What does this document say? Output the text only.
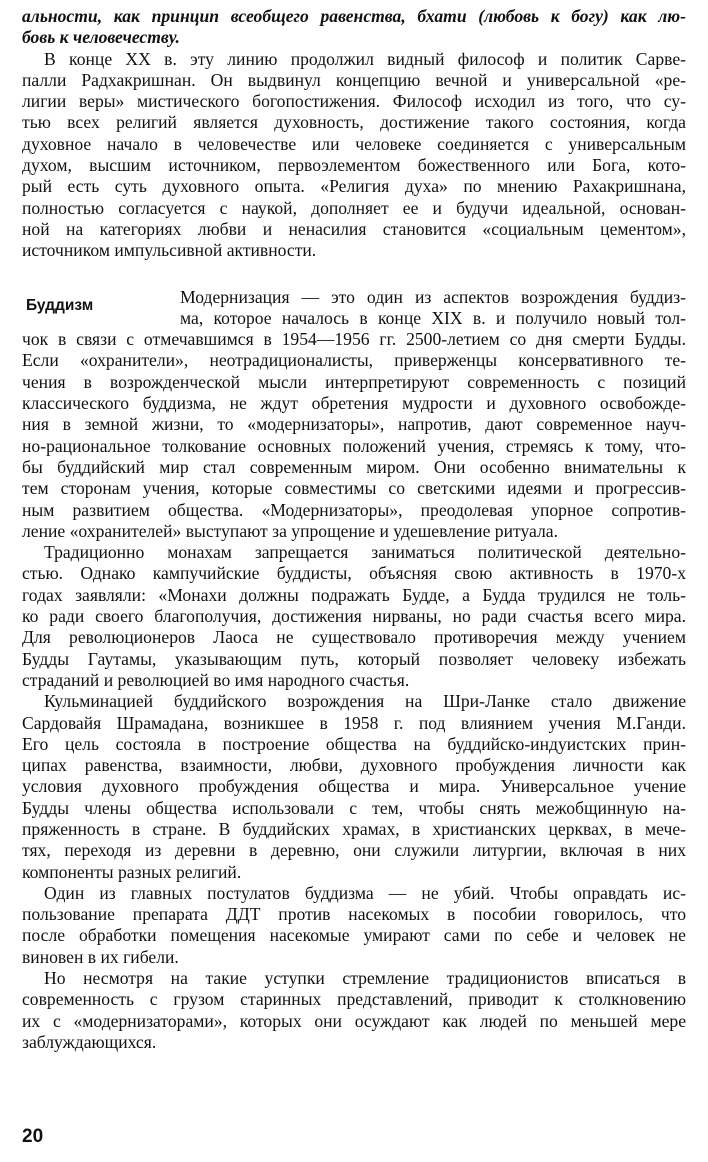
альности, как принцип всеобщего равенства, бхати (любовь к богу) как лю-
бовь к человечеству.
В конце XX в. эту линию продолжил видный философ и политик Сарве-
палли Радхакришнан. Он выдвинул концепцию вечной и универсальной «ре-
лигии веры» мистического богопостижения. Философ исходил из того, что су-
тью всех религий является духовность, достижение такого состояния, когда
духовное начало в человечестве или человеке соединяется с универсальным
духом, высшим источником, первоэлементом божественного или Бога, кото-
рый есть суть духовного опыта. «Религия духа» по мнению Рахакришнана,
полностью согласуется с наукой, дополняет ее и будучи идеальной, основан-
ной на категориях любви и ненасилия становится «социальным цементом»,
источником импульсивной активности.
Буддизм	Модернизация — это один из аспектов возрождения буддиз-
ма, которое началось в конце XIX в. и получило новый тол-
чок в связи с отмечавшимся в 1954—1956 гг. 2500-летием со дня смерти Будды.
Если «охранители», неотрадиционалисты, приверженцы консервативного те-
чения в возрожденческой мысли интерпретируют современность с позиций
классического буддизма, не ждут обретения мудрости и духовного освобожде-
ния в земной жизни, то «модернизаторы», напротив, дают современное науч-
но-рациональное толкование основных положений учения, стремясь к тому, что-
бы буддийский мир стал современным миром. Они особенно внимательны к
тем сторонам учения, которые совместимы со светскими идеями и прогрессив-
ным развитием общества. «Модернизаторы», преодолевая упорное сопротив-
ление «охранителей» выступают за упрощение и удешевление ритуала.
Традиционно монахам запрещается заниматься политической деятельно-
стью. Однако кампучийские буддисты, объясняя свою активность в 1970-х
годах заявляли: «Монахи должны подражать Будде, а Будда трудился не толь-
ко ради своего благополучия, достижения нирваны, но ради счастья всего мира.
Для революционеров Лаоса не существовало противоречия между учением
Будды Гаутамы, указывающим путь, который позволяет человеку избежать
страданий и революцией во имя народного счастья.
Кульминацией буддийского возрождения на Шри-Ланке стало движение
Сардовайя Шрамадана, возникшее в 1958 г. под влиянием учения М.Ганди.
Его цель состояла в построение общества на буддийско-индуистских прин-
ципах равенства, взаимности, любви, духовного пробуждения личности как
условия духовного пробуждения общества и мира. Универсальное учение
Будды члены общества использовали с тем, чтобы снять межобщинную на-
пряженность в стране. В буддийских храмах, в христианских церквах, в мече-
тях, переходя из деревни в деревню, они служили литургии, включая в них
компоненты разных религий.
Один из главных постулатов буддизма — не убий. Чтобы оправдать ис-
пользование препарата ДДТ против насекомых в пособии говорилось, что
после обработки помещения насекомые умирают сами по себе и человек не
виновен в их гибели.
Но несмотря на такие уступки стремление традиционистов вписаться в
современность с грузом старинных представлений, приводит к столкновению
их с «модернизаторами», которых они осуждают как людей по меньшей мере
заблуждающихся.
20
